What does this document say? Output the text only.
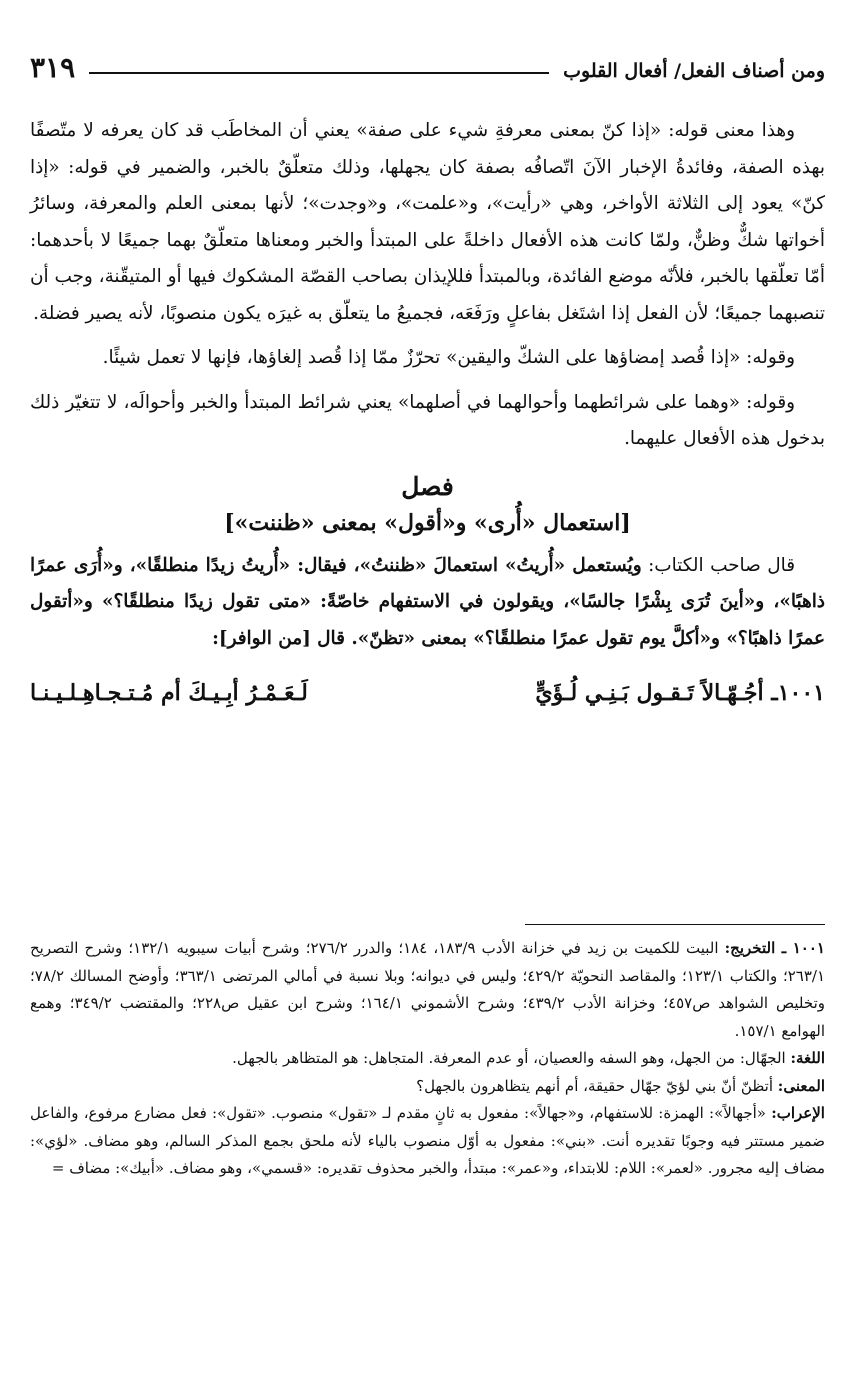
ومن أصناف الفعل/ أفعال القلوب
٣١٩

وهذا معنى قوله: «إذا كنّ بمعنى معرفةِ شيء على صفة» يعني أن المخاطَب قد كان يعرفه لا متّصفًا بهذه الصفة، وفائدةُ الإخبار الآنَ اتّصافُه بصفة كان يجهلها، وذلك متعلّقٌ بالخبر، والضمير في قوله: «إذا كنّ» يعود إلى الثلاثة الأواخر، وهي «رأيت»، و«علمت»، و«وجدت»؛ لأنها بمعنى العلم والمعرفة، وسائرُ أخواتها شكٌّ وظنٌّ، ولمّا كانت هذه الأفعال داخلةً على المبتدأ والخبر ومعناها متعلّقٌ بهما جميعًا لا بأحدهما: أمّا تعلّقها بالخبر، فلأنّه موضع الفائدة، وبالمبتدأ فللإيذان بصاحب القصّة المشكوك فيها أو المتيقّنة، وجب أن تنصبهما جميعًا؛ لأن الفعل إذا اشتَغل بفاعلٍ ورَفَعَه، فجميعُ ما يتعلّق به غيرَه يكون منصوبًا، لأنه يصير فضلة.

وقوله: «إذا قُصد إمضاؤها على الشكّ واليقين» تحرّزٌ ممّا إذا قُصد إلغاؤها، فإنها لا تعمل شيئًا.

وقوله: «وهما على شرائطهما وأحوالهما في أصلهما» يعني شرائط المبتدأ والخبر وأحوالَه، لا تتغيّر ذلك بدخول هذه الأفعال عليهما.

فصل
[استعمال «أُرى» و«أقول» بمعنى «ظننت»]

قال صاحب الكتاب: ويُستعمل «أُريتُ» استعمالَ «ظننتُ»، فيقال: «أُريتُ زيدًا منطلقًا»، و«أُرَى عمرًا ذاهبًا»، و«أينَ تُرَى بِشْرًا جالسًا»، ويقولون في الاستفهام خاصّةً: «متى تقول زيدًا منطلقًا؟» و«أتقول عمرًا ذاهبًا؟» و«أكلَّ يوم تقول عمرًا منطلقًا؟» بمعنى «تظنّ». قال [من الوافر]:

١٠٠١ـ أجُـهّـالاً تَـقـول بَـنِـي لُـؤَيٍّ
لَـعَـمْـرُ أبِـيـكَ أم مُـتـجـاهِـلـيـنـا

١٠٠١ ـ التخريج: البيت للكميت بن زيد في خزانة الأدب ١٨٣/٩، ١٨٤؛ والدرر ٢٧٦/٢؛ وشرح أبيات سيبويه ١٣٢/١؛ وشرح التصريح ٢٦٣/١؛ والكتاب ١٢٣/١؛ والمقاصد النحويّة ٤٢٩/٢؛ وليس في ديوانه؛ وبلا نسبة في أمالي المرتضى ٣٦٣/١؛ وأوضح المسالك ٧٨/٢؛ وتخليص الشواهد ص٤٥٧؛ وخزانة الأدب ٤٣٩/٢؛ وشرح الأشموني ١٦٤/١؛ وشرح ابن عقيل ص٢٢٨؛ والمقتضب ٣٤٩/٢؛ وهمع الهوامع ١٥٧/١.

اللغة: الجهّال: من الجهل، وهو السفه والعصيان، أو عدم المعرفة. المتجاهل: هو المتظاهر بالجهل.

المعنى: أتظنّ أنّ بني لؤيّ جهّال حقيقة، أم أنهم يتظاهرون بالجهل؟

الإعراب: «أجهالاً»: الهمزة: للاستفهام، و«جهالاً»: مفعول به ثانٍ مقدم لـ «تقول» منصوب. «تقول»: فعل مضارع مرفوع، والفاعل ضمير مستتر فيه وجوبًا تقديره أنت. «بني»: مفعول به أوّل منصوب بالياء لأنه ملحق بجمع المذكر السالم، وهو مضاف. «لؤي»: مضاف إليه مجرور. «لعمر»: اللام: للابتداء، و«عمر»: مبتدأ، والخبر محذوف تقديره: «قسمي»، وهو مضاف. «أبيك»: مضاف =
